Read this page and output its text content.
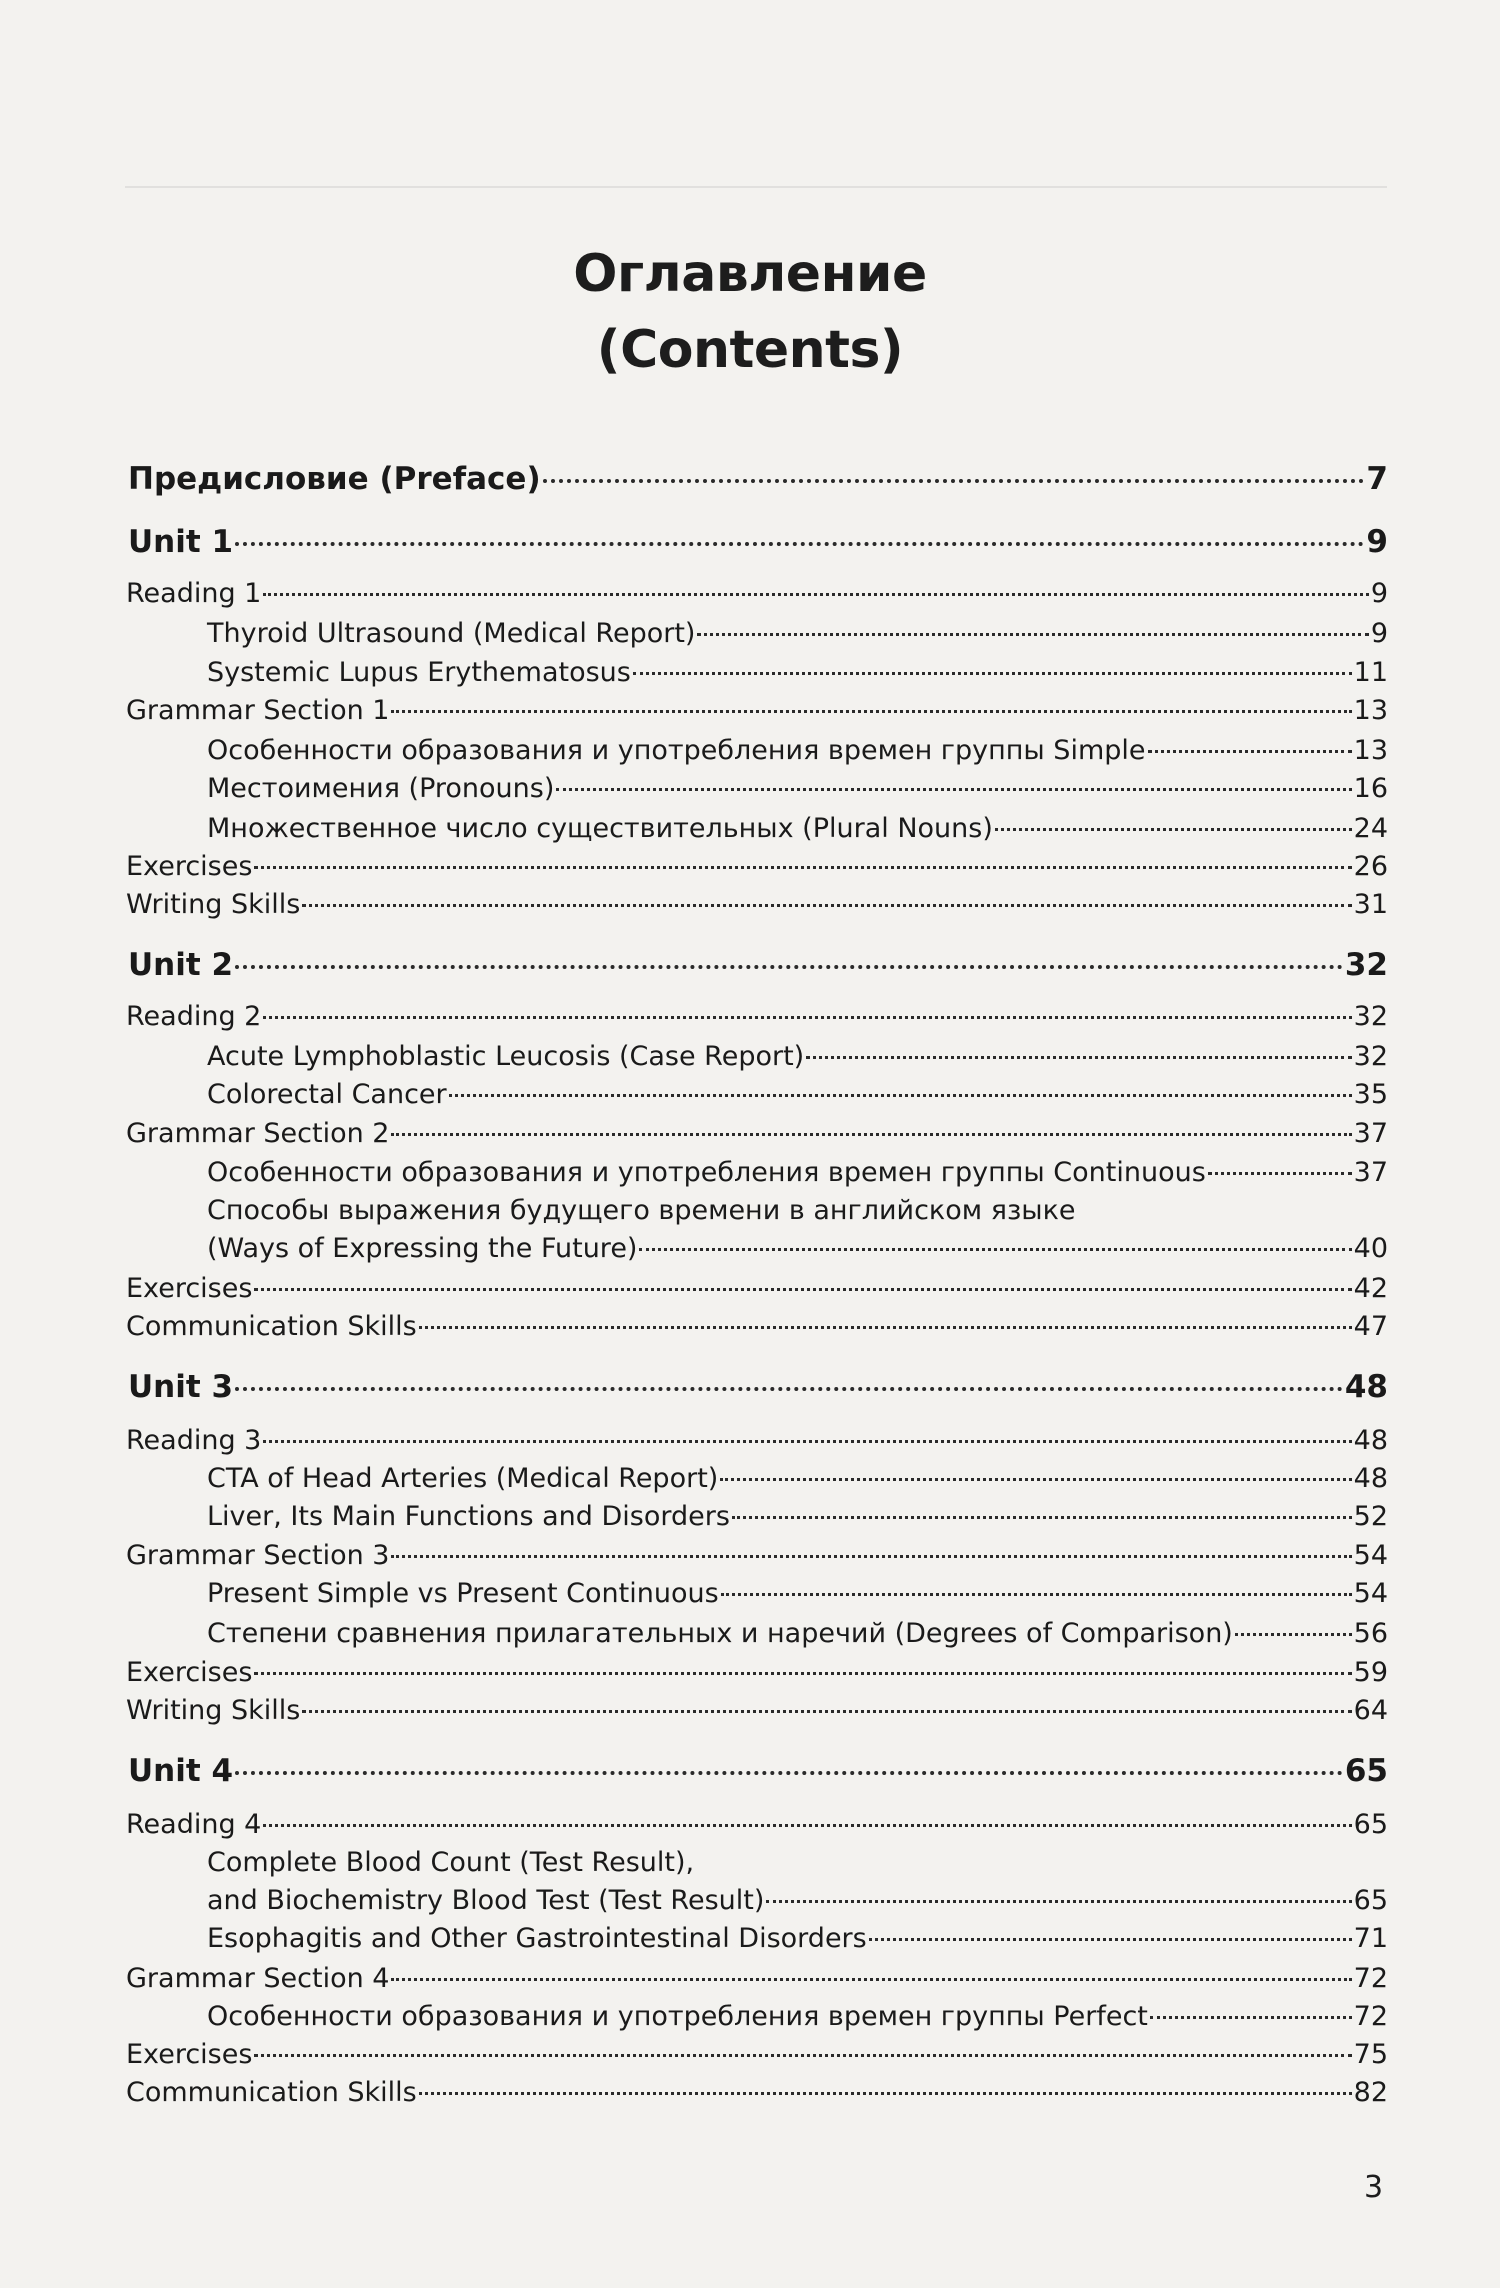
Оглавление
(Contents)
Предисловие (Preface)	7
Unit 1	9
Reading 1	9
Thyroid Ultrasound (Medical Report)	9
Systemic Lupus Erythematosus	11
Grammar Section 1	13
Особенности образования и употребления времен группы Simple	13
Местоимения (Pronouns)	16
Множественное число существительных (Plural Nouns)	24
Exercises	26
Writing Skills	31
Unit 2	32
Reading 2	32
Acute Lymphoblastic Leucosis (Case Report)	32
Colorectal Cancer	35
Grammar Section 2	37
Особенности образования и употребления времен группы Continuous	37
Способы выражения будущего времени в английском языке
(Ways of Expressing the Future)	40
Exercises	42
Communication Skills	47
Unit 3	48
Reading 3	48
CTA of Head Arteries (Medical Report)	48
Liver, Its Main Functions and Disorders	52
Grammar Section 3	54
Present Simple vs Present Continuous	54
Степени сравнения прилагательных и наречий (Degrees of Comparison)	56
Exercises	59
Writing Skills	64
Unit 4	65
Reading 4	65
Complete Blood Count (Test Result),
and Biochemistry Blood Test (Test Result)	65
Esophagitis and Other Gastrointestinal Disorders	71
Grammar Section 4	72
Особенности образования и употребления времен группы Perfect	72
Exercises	75
Communication Skills	82
3
